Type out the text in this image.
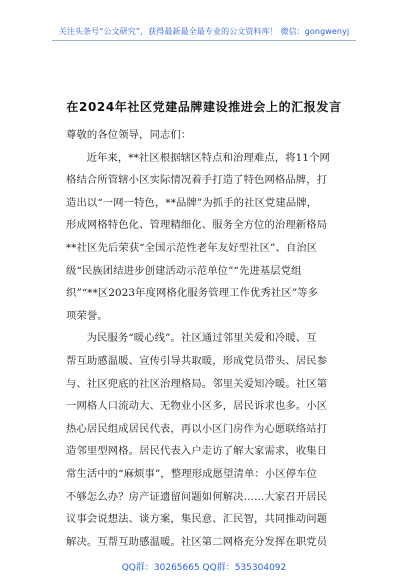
关注头条号“公文研究”，获得最新最全最专业的公文资料库！ 微信：gongwenyj
在2024年社区党建品牌建设推进会上的汇报发言
尊敬的各位领导，同志们：
近年来，**社区根据辖区特点和治理难点，将11个网
格结合所管辖小区实际情况着手打造了特色网格品牌，打
造出以“一网一特色，**品牌”为抓手的社区党建品牌，
形成网格特色化、管理精细化、服务全方位的治理新格局
**社区先后荣获“全国示范性老年友好型社区”、自治区
级“民族团结进步创建活动示范单位”“先进基层党组
织”“**区2023年度网格化服务管理工作优秀社区”等多
项荣誉。
为民服务“暖心线”。社区通过邻里关爱和冷暖、互
帮互助感温暖、宣传引导共取暖，形成党员带头、居民参
与、社区兜底的社区治理格局。邻里关爱知冷暖。社区第
一网格人口流动大、无物业小区多，居民诉求也多。小区
热心居民组成居民代表，再以小区门房作为心愿联络站打
造邻里型网格。居民代表入户走访了解大家需求，收集日
常生活中的“麻烦事”，整理形成愿望清单：小区停车位
不够怎么办？房产证遗留问题如何解决……大家召开居民
议事会说想法、谈方案，集民意、汇民智，共同推动问题
解决。互帮互助感温暖。社区第二网格充分发挥在职党员
QQ群：30265665 QQ群：535304092
